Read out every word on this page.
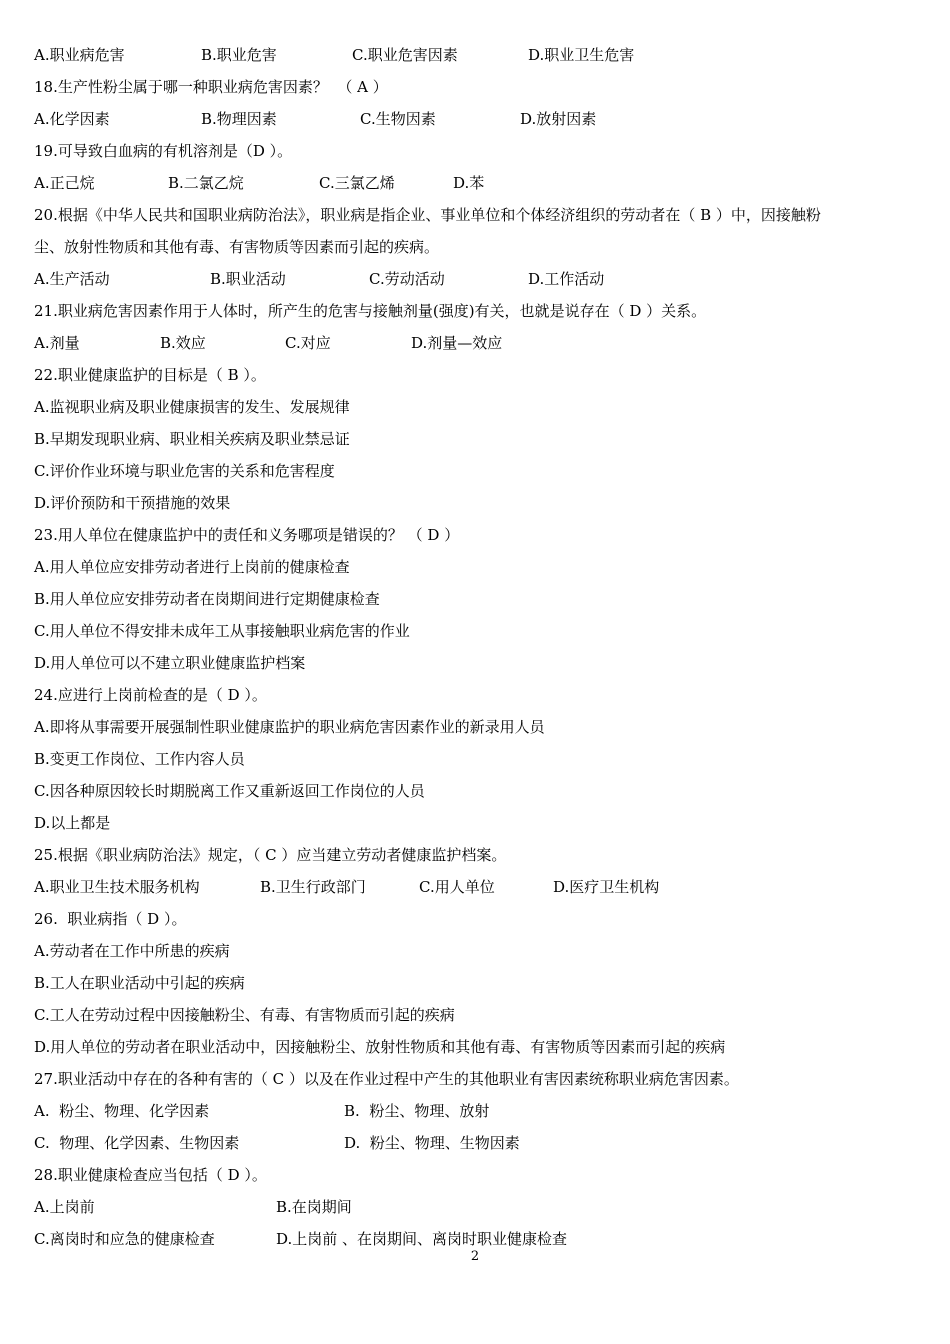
A.职业病危害	B.职业危害	C.职业危害因素	D.职业卫生危害
18.生产性粉尘属于哪一种职业病危害因素？  （ A ）
A.化学因素	B.物理因素	C.生物因素	D.放射因素
19.可导致白血病的有机溶剂是（D ）。
A.正己烷	B.二氯乙烷	C.三氯乙烯	D.苯
20.根据《中华人民共和国职业病防治法》，职业病是指企业、事业单位和个体经济组织的劳动者在（ B ）中，因接触粉
尘、放射性物质和其他有毒、有害物质等因素而引起的疾病。
A.生产活动	B.职业活动	C.劳动活动	D.工作活动
21.职业病危害因素作用于人体时，所产生的危害与接触剂量(强度)有关，也就是说存在（ D ）关系。
A.剂量	B.效应	C.对应	D.剂量—效应
22.职业健康监护的目标是（ B ）。
A.监视职业病及职业健康损害的发生、发展规律
B.早期发现职业病、职业相关疾病及职业禁忌证
C.评价作业环境与职业危害的关系和危害程度
D.评价预防和干预措施的效果
23.用人单位在健康监护中的责任和义务哪项是错误的？ （ D ）
A.用人单位应安排劳动者进行上岗前的健康检查
B.用人单位应安排劳动者在岗期间进行定期健康检查
C.用人单位不得安排未成年工从事接触职业病危害的作业
D.用人单位可以不建立职业健康监护档案
24.应进行上岗前检查的是（ D ）。
A.即将从事需要开展强制性职业健康监护的职业病危害因素作业的新录用人员
B.变更工作岗位、工作内容人员
C.因各种原因较长时期脱离工作又重新返回工作岗位的人员
D.以上都是
25.根据《职业病防治法》规定，（ C ）应当建立劳动者健康监护档案。
A.职业卫生技术服务机构	B.卫生行政部门	C.用人单位	D.医疗卫生机构
26.  职业病指（ D ）。
A.劳动者在工作中所患的疾病
B.工人在职业活动中引起的疾病
C.工人在劳动过程中因接触粉尘、有毒、有害物质而引起的疾病
D.用人单位的劳动者在职业活动中，因接触粉尘、放射性物质和其他有毒、有害物质等因素而引起的疾病
27.职业活动中存在的各种有害的（ C ）以及在作业过程中产生的其他职业有害因素统称职业病危害因素。
A.  粉尘、物理、化学因素	B.  粉尘、物理、放射
C.  物理、化学因素、生物因素	D.  粉尘、物理、生物因素
28.职业健康检查应当包括（ D ）。
A.上岗前	B.在岗期间
C.离岗时和应急的健康检查	D.上岗前 、在岗期间、离岗时职业健康检查
2
